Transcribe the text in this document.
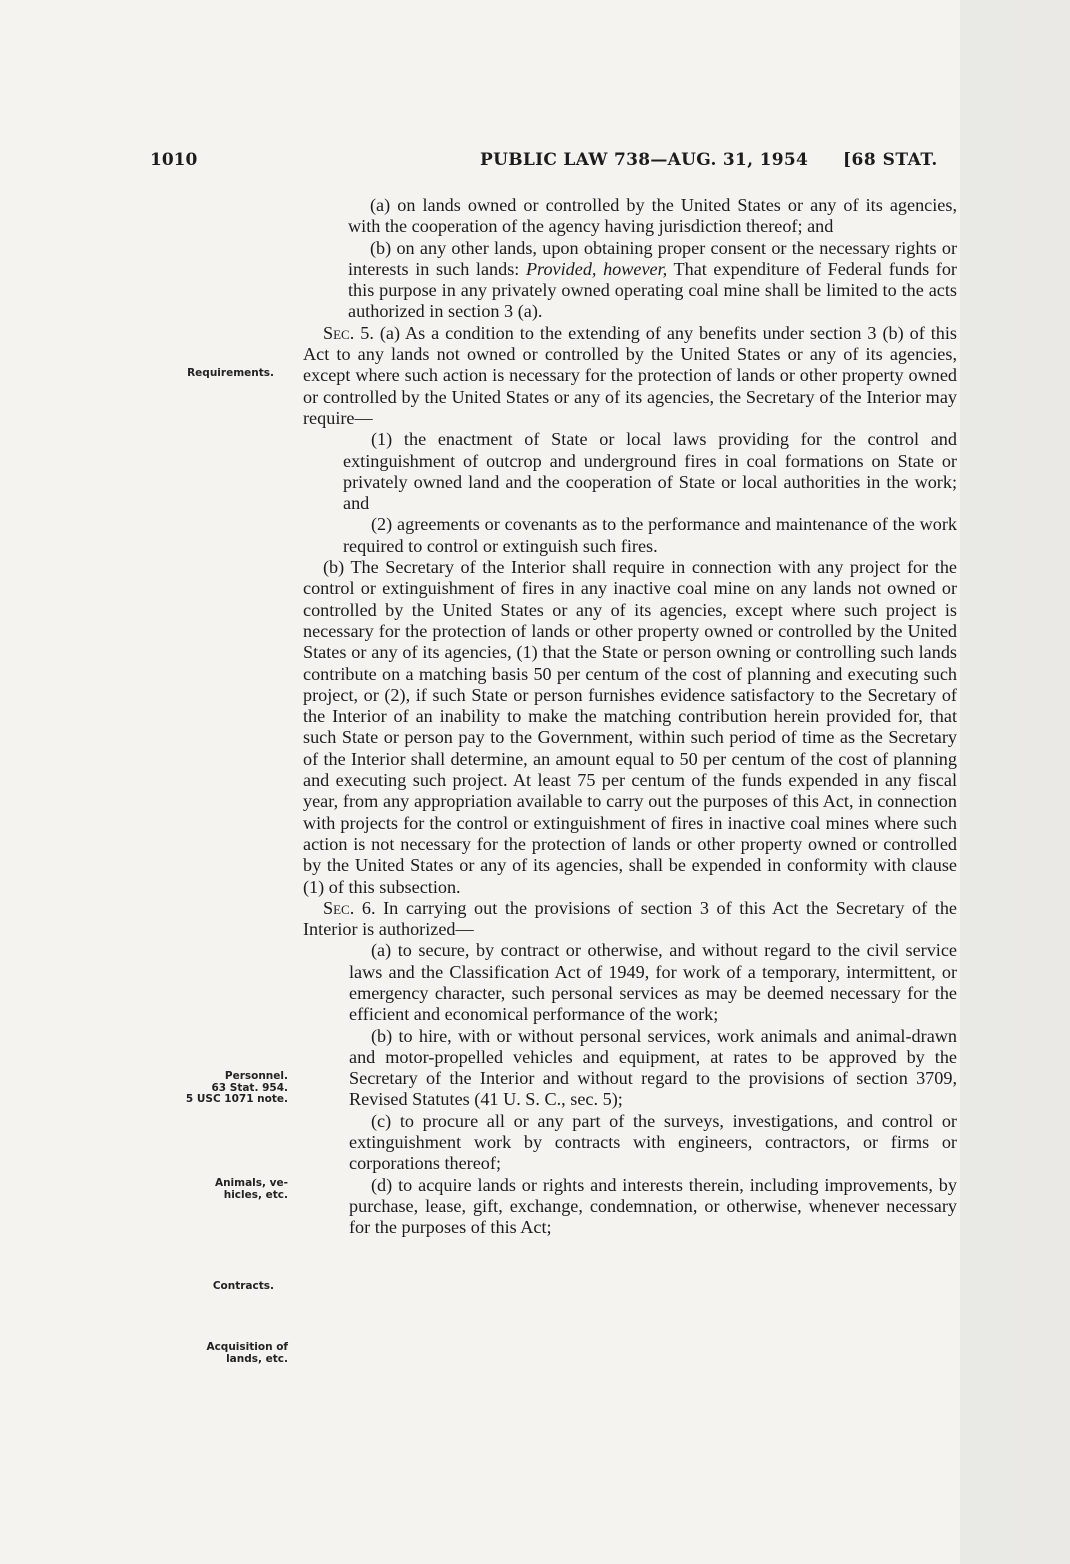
1010	PUBLIC LAW 738—AUG. 31, 1954 [68 STAT.
Requirements.
Personnel.
63 Stat. 954.
5 USC 1071 note.
Animals, ve-
hicles, etc.
Contracts.
Acquisition of
lands, etc.

(a) on lands owned or controlled by the United States or any of its agencies, with the cooperation of the agency having jurisdiction thereof; and

(b) on any other lands, upon obtaining proper consent or the necessary rights or interests in such lands: Provided, however, That expenditure of Federal funds for this purpose in any privately owned operating coal mine shall be limited to the acts authorized in section 3 (a).

Sec. 5. (a) As a condition to the extending of any benefits under section 3 (b) of this Act to any lands not owned or controlled by the United States or any of its agencies, except where such action is necessary for the protection of lands or other property owned or controlled by the United States or any of its agencies, the Secretary of the Interior may require—

(1) the enactment of State or local laws providing for the control and extinguishment of outcrop and underground fires in coal formations on State or privately owned land and the cooperation of State or local authorities in the work; and

(2) agreements or covenants as to the performance and maintenance of the work required to control or extinguish such fires.

(b) The Secretary of the Interior shall require in connection with any project for the control or extinguishment of fires in any inactive coal mine on any lands not owned or controlled by the United States or any of its agencies, except where such project is necessary for the protection of lands or other property owned or controlled by the United States or any of its agencies, (1) that the State or person owning or controlling such lands contribute on a matching basis 50 per centum of the cost of planning and executing such project, or (2), if such State or person furnishes evidence satisfactory to the Secretary of the Interior of an inability to make the matching contribution herein provided for, that such State or person pay to the Government, within such period of time as the Secretary of the Interior shall determine, an amount equal to 50 per centum of the cost of planning and executing such project. At least 75 per centum of the funds expended in any fiscal year, from any appropriation available to carry out the purposes of this Act, in connection with projects for the control or extinguishment of fires in inactive coal mines where such action is not necessary for the protection of lands or other property owned or controlled by the United States or any of its agencies, shall be expended in conformity with clause (1) of this subsection.

Sec. 6. In carrying out the provisions of section 3 of this Act the Secretary of the Interior is authorized—

(a) to secure, by contract or otherwise, and without regard to the civil service laws and the Classification Act of 1949, for work of a temporary, intermittent, or emergency character, such personal services as may be deemed necessary for the efficient and economical performance of the work;

(b) to hire, with or without personal services, work animals and animal-drawn and motor-propelled vehicles and equipment, at rates to be approved by the Secretary of the Interior and without regard to the provisions of section 3709, Revised Statutes (41 U. S. C., sec. 5);

(c) to procure all or any part of the surveys, investigations, and control or extinguishment work by contracts with engineers, contractors, or firms or corporations thereof;

(d) to acquire lands or rights and interests therein, including improvements, by purchase, lease, gift, exchange, condemnation, or otherwise, whenever necessary for the purposes of this Act;
